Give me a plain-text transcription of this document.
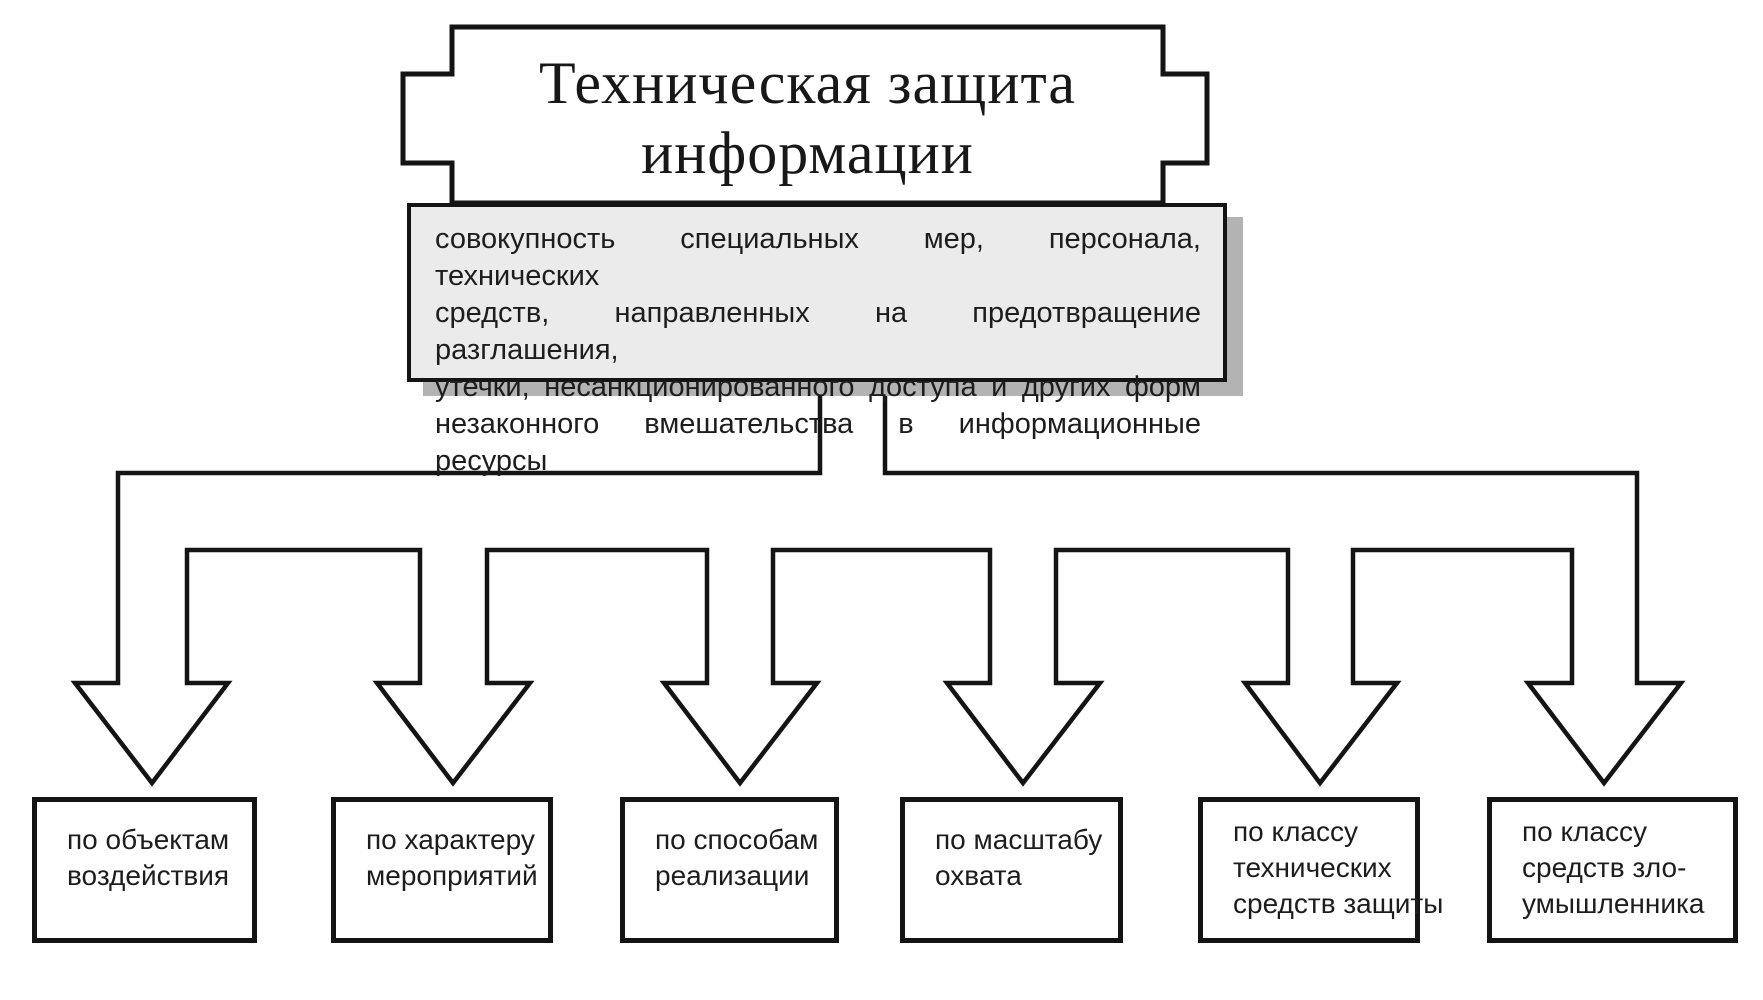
Техническая защита
информации
совокупность специальных мер, персонала, технических
средств, направленных на предотвращение разглашения,
утечки, несанкционированного доступа и других форм
незаконного вмешательства в информационные ресурсы
по объектам
воздействия
по характеру
мероприятий
по способам
реализации
по масштабу
охвата
по классу
технических
средств защиты
по классу
средств зло-
умышленника
